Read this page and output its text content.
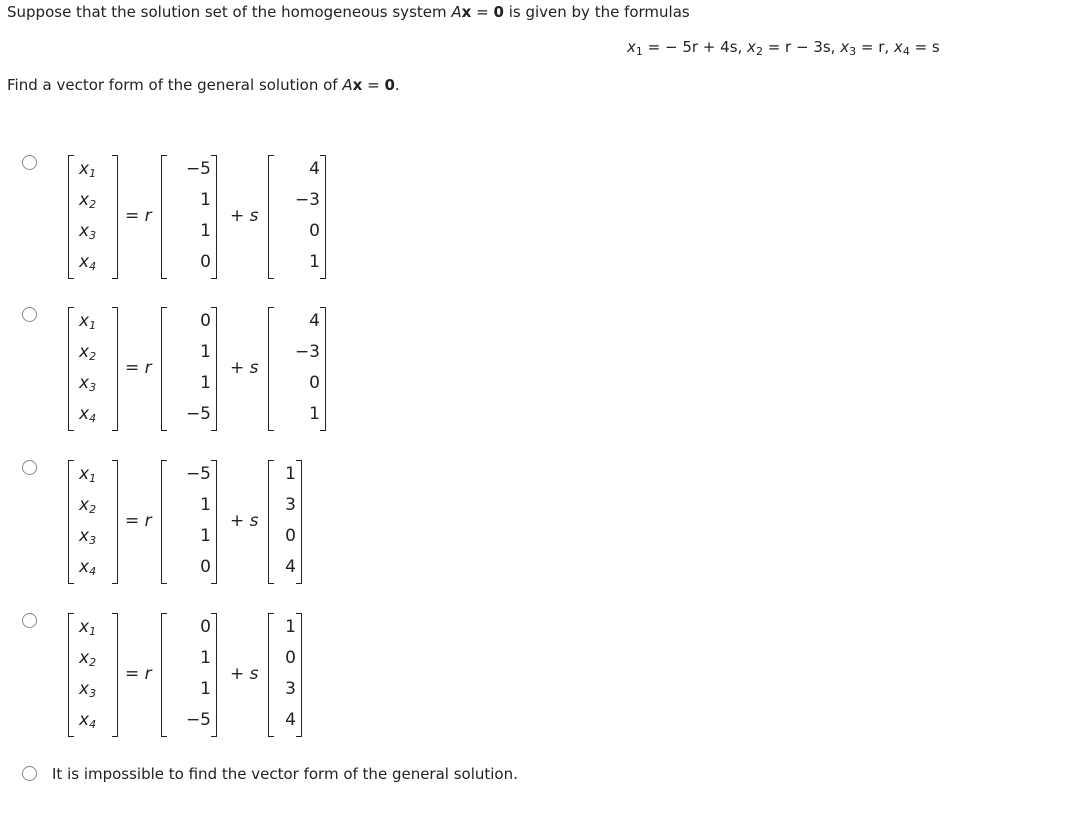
Suppose that the solution set of the homogeneous system Ax = 0 is given by the formulas
$x_1$ = − 5r + 4s, $x_2 = r - 3s$, $x_3 = r$, $x_4 = s$
Find a vector form of the general solution of Ax = 0.
$x_1$
$x_2$
$x_3$
$x_4$
= r
−5
1
1
0
+ s
4
−3
0
1
$x_1$
$x_2$
$x_3$
$x_4$
= r
0
1
1
−5
+ s
4
−3
0
1
$x_1$
$x_2$
$x_3$
$x_4$
= r
−5
1
1
0
+ s
1
3
0
4
$x_1$
$x_2$
$x_3$
$x_4$
= r
0
1
1
−5
+ s
1
0
3
4
It is impossible to find the vector form of the general solution.
